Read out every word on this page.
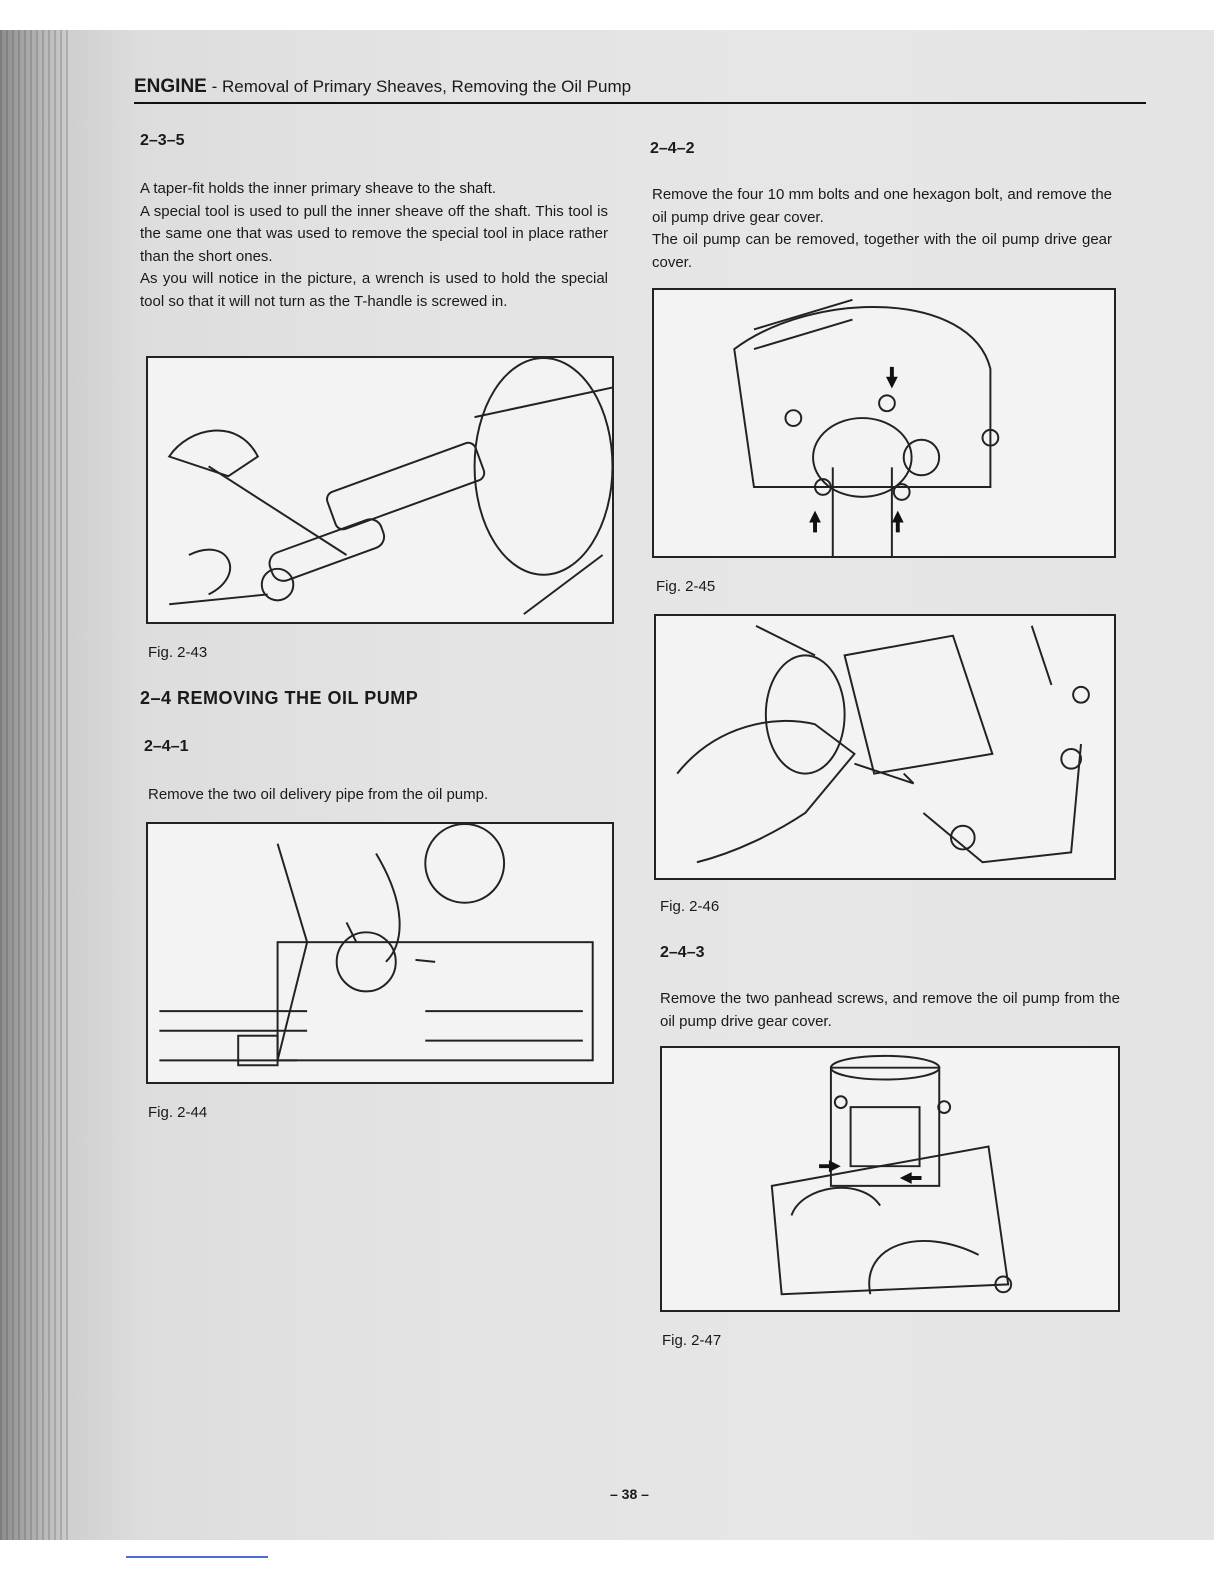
ENGINE - Removal of Primary Sheaves, Removing the Oil Pump
2–3–5

A taper-fit holds the inner primary sheave to the shaft.

A special tool is used to pull the inner sheave off the shaft. This tool is the same one that was used to remove the special tool in place rather than the short ones.

As you will notice in the picture, a wrench is used to hold the special tool so that it will not turn as the T-handle is screwed in.

Fig. 2-43
2–4 REMOVING THE OIL PUMP
2–4–1
Remove the two oil delivery pipe from the oil pump.
Fig. 2-44
2–4–2

Remove the four 10 mm bolts and one hexagon bolt, and remove the oil pump drive gear cover.

The oil pump can be removed, together with the oil pump drive gear cover.

Fig. 2-45
Fig. 2-46
2–4–3
Remove the two panhead screws, and remove the oil pump from the oil pump drive gear cover.
Fig. 2-47
– 38 –
